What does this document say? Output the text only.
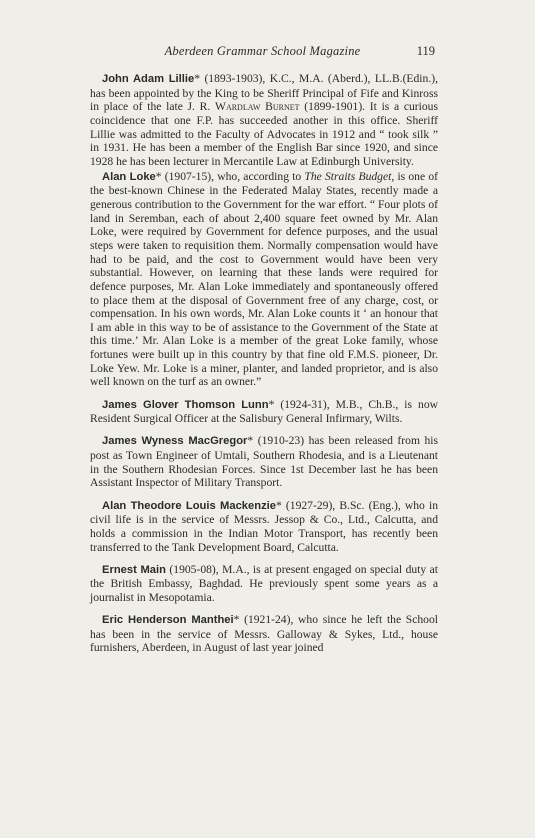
Aberdeen Grammar School Magazine	119

John Adam Lillie* (1893-1903), K.C., M.A. (Aberd.), LL.B.(Edin.), has been appointed by the King to be Sheriff Principal of Fife and Kinross in place of the late J. R. Wardlaw Burnet (1899-1901). It is a curious coincidence that one F.P. has succeeded another in this office. Sheriff Lillie was admitted to the Faculty of Advocates in 1912 and “ took silk ” in 1931. He has been a member of the English Bar since 1920, and since 1928 he has been lecturer in Mercantile Law at Edinburgh University.

Alan Loke* (1907-15), who, according to The Straits Budget, is one of the best-known Chinese in the Federated Malay States, recently made a generous contribution to the Government for the war effort. “ Four plots of land in Seremban, each of about 2,400 square feet owned by Mr. Alan Loke, were required by Government for defence purposes, and the usual steps were taken to requisition them. Normally compensation would have had to be paid, and the cost to Government would have been very substantial. However, on learning that these lands were required for defence purposes, Mr. Alan Loke immediately and spontaneously offered to place them at the disposal of Government free of any charge, cost, or compensation. In his own words, Mr. Alan Loke counts it ‘ an honour that I am able in this way to be of assistance to the Government of the State at this time.’ Mr. Alan Loke is a member of the great Loke family, whose fortunes were built up in this country by that fine old F.M.S. pioneer, Dr. Loke Yew. Mr. Loke is a miner, planter, and landed proprietor, and is also well known on the turf as an owner.”

James Glover Thomson Lunn* (1924-31), M.B., Ch.B., is now Resident Surgical Officer at the Salisbury General Infirmary, Wilts.

James Wyness MacGregor* (1910-23) has been released from his post as Town Engineer of Umtali, Southern Rhodesia, and is a Lieutenant in the Southern Rhodesian Forces. Since 1st December last he has been Assistant Inspector of Military Transport.

Alan Theodore Louis Mackenzie* (1927-29), B.Sc. (Eng.), who in civil life is in the service of Messrs. Jessop & Co., Ltd., Calcutta, and holds a commission in the Indian Motor Transport, has recently been transferred to the Tank Development Board, Calcutta.

Ernest Main (1905-08), M.A., is at present engaged on special duty at the British Embassy, Baghdad. He previously spent some years as a journalist in Mesopotamia.

Eric Henderson Manthei* (1921-24), who since he left the School has been in the service of Messrs. Galloway & Sykes, Ltd., house furnishers, Aberdeen, in August of last year joined
